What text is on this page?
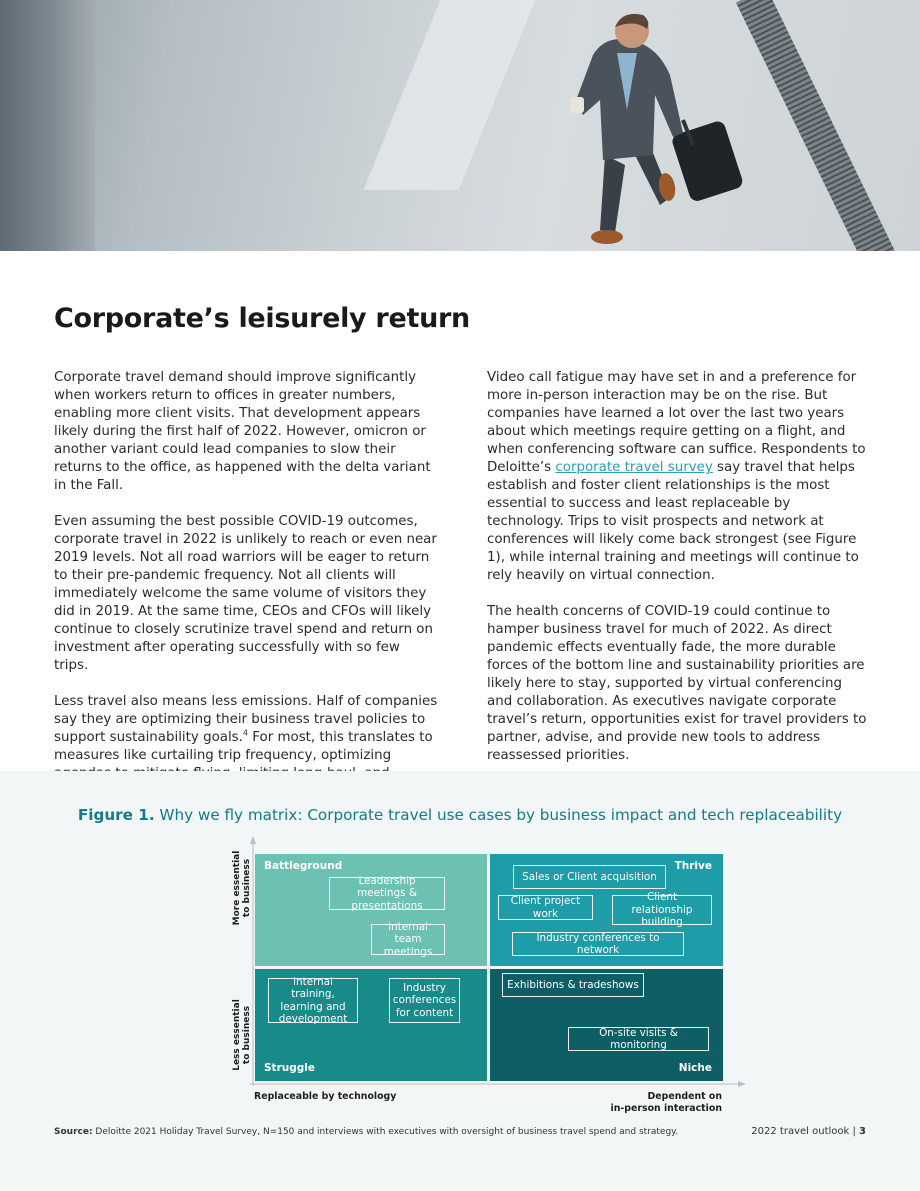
Corporate’s leisurely return

Corporate travel demand should improve significantly when workers return to offices in greater numbers, enabling more client visits. That development appears likely during the first half of 2022. However, omicron or another variant could lead companies to slow their returns to the office, as happened with the delta variant in the Fall.

Even assuming the best possible COVID-19 outcomes, corporate travel in 2022 is unlikely to reach or even near 2019 levels. Not all road warriors will be eager to return to their pre-pandemic frequency. Not all clients will immediately welcome the same volume of visitors they did in 2019. At the same time, CEOs and CFOs will likely continue to closely scrutinize travel spend and return on investment after operating successfully with so few trips.

Less travel also means less emissions. Half of companies say they are optimizing their business travel policies to support sustainability goals.$^4$ For most, this translates to measures like curtailing trip frequency, optimizing

Video call fatigue may have set in and a preference for more in-person interaction may be on the rise. But companies have learned a lot over the last two years about which meetings require getting on a flight, and when conferencing software can suffice. Respondents to Deloitte’s corporate travel survey say travel that helps establish and foster client relationships is the most essential to success and least replaceable by technology. Trips to visit prospects and network at conferences will likely come back strongest (see Figure 1), while internal training and meetings will continue to rely heavily on virtual connection.

The health concerns of COVID-19 could continue to hamper business travel for much of 2022. As direct pandemic effects eventually fade, the more durable forces of the bottom line and sustainability priorities are likely here to stay, supported by virtual conferencing and collaboration. As executives navigate corporate travel’s return, opportunities exist for travel providers to partner, advise, and provide new tools to address reassessed priorities.

Figure 1. Why we fly matrix: Corporate travel use cases by business impact and tech replaceability

More essential to business
Less essential to business
Replaceable by technology	Dependent on
in-person interaction
Battleground	Thrive
Struggle	Niche
Leadership meetings & presentations
Internal team meetings
Sales or Client acquisition
Client project work
Client relationship building
Industry conferences to network
Internal training, learning and development
Industry conferences for content
Exhibitions & tradeshows
On-site visits & monitoring
Source: Deloitte 2021 Holiday Travel Survey, N=150 and interviews with executives with oversight of business travel spend and strategy.	2022 travel outlook | 3
